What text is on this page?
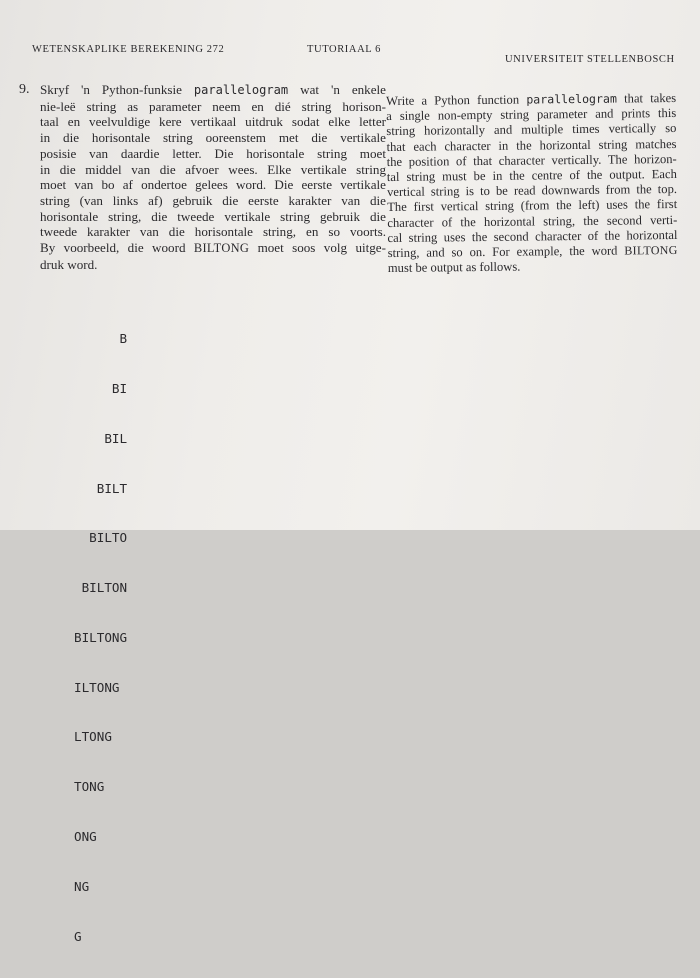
WETENSKAPLIKE BEREKENING 272	TUTORIAAL 6
UNIVERSITEIT STELLENBOSCH
9. Skryf 'n Python-funksie parallelogram wat 'n enkele
nie-leë string as parameter neem en dié string horison-
taal en veelvuldige kere vertikaal uitdruk sodat elke letter
in die horisontale string ooreenstem met die vertikale
posisie van daardie letter. Die horisontale string moet
in die middel van die afvoer wees. Elke vertikale string
moet van bo af ondertoe gelees word. Die eerste vertikale
string (van links af) gebruik die eerste karakter van die
horisontale string, die tweede vertikale string gebruik die
tweede karakter van die horisontale string, en so voorts.
By voorbeeld, die woord BILTONG moet soos volg uitge-
druk word.
Write a Python function parallelogram that takes
a single non-empty string parameter and prints this
string horizontally and multiple times vertically so
that each character in the horizontal string matches
the position of that character vertically. The horizon-
tal string must be in the centre of the output. Each
vertical string is to be read downwards from the top.
The first vertical string (from the left) uses the first
character of the horizontal string, the second verti-
cal string uses the second character of the horizontal
string, and so on. For example, the word BILTONG
must be output as follows.

B

BI

BIL

BILT

BILTO

BILTON

BILTONG

ILTONG

LTONG

TONG

ONG

NG

G
